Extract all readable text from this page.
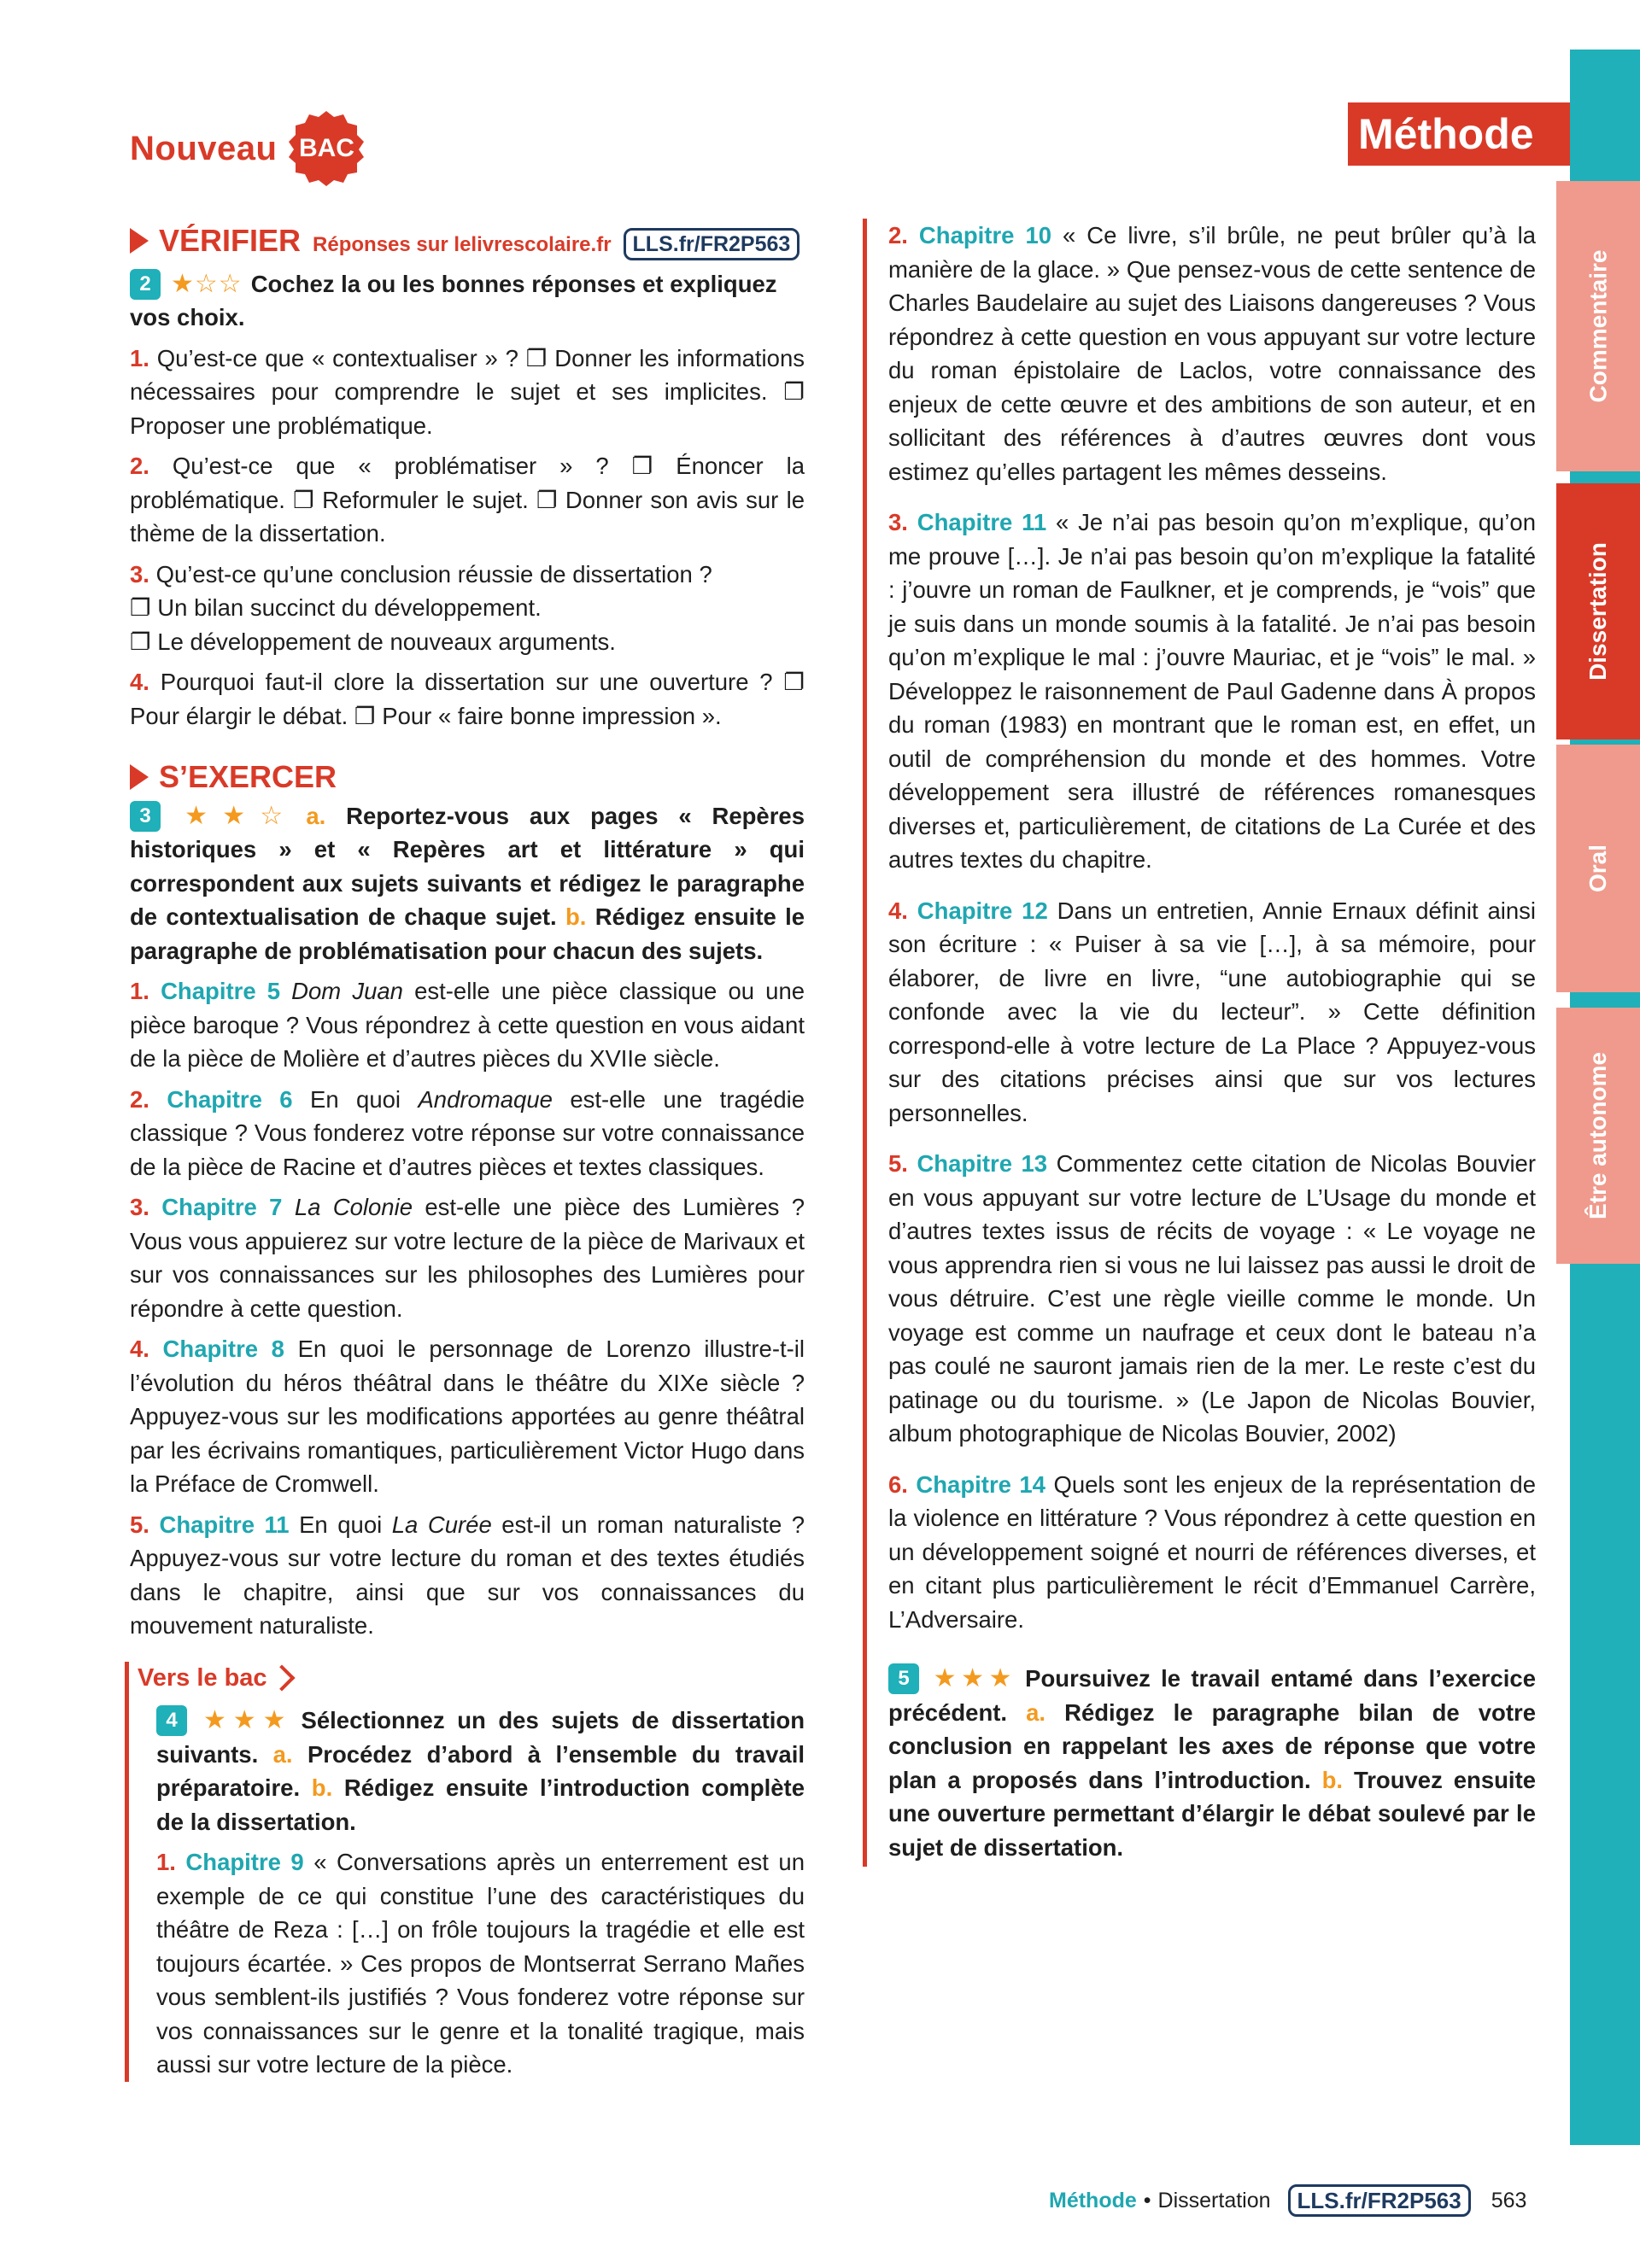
Nouveau BAC	Méthode
Commentaire
Dissertation
Oral
Être autonome
VÉRIFIER Réponses sur lelivrescolaire.fr	LLS.fr/FR2P563

2 ★☆☆ Cochez la ou les bonnes réponses et expliquez vos choix.

1. Qu’est-ce que « contextualiser » ? ❐ Donner les informations nécessaires pour comprendre le sujet et ses implicites. ❐ Proposer une problématique.

2. Qu’est-ce que « problématiser » ? ❐ Énoncer la problématique. ❐ Reformuler le sujet. ❐ Donner son avis sur le thème de la dissertation.

3. Qu’est-ce qu’une conclusion réussie de dissertation ?
❐ Un bilan succinct du développement.
❐ Le développement de nouveaux arguments.

4. Pourquoi faut-il clore la dissertation sur une ouverture ? ❐ Pour élargir le débat. ❐ Pour « faire bonne impression ».

S’EXERCER

3 ★★☆ a. Reportez-vous aux pages « Repères historiques » et « Repères art et littérature » qui correspondent aux sujets suivants et rédigez le paragraphe de contextualisation de chaque sujet. b. Rédigez ensuite le paragraphe de problématisation pour chacun des sujets.

1. Chapitre 5 Dom Juan est-elle une pièce classique ou une pièce baroque ? Vous répondrez à cette question en vous aidant de la pièce de Molière et d’autres pièces du XVIIe siècle.

2. Chapitre 6 En quoi Andromaque est-elle une tragédie classique ? Vous fonderez votre réponse sur votre connaissance de la pièce de Racine et d’autres pièces et textes classiques.

3. Chapitre 7 La Colonie est-elle une pièce des Lumières ? Vous vous appuierez sur votre lecture de la pièce de Marivaux et sur vos connaissances sur les philosophes des Lumières pour répondre à cette question.

4. Chapitre 8 En quoi le personnage de Lorenzo illustre-t-il l’évolution du héros théâtral dans le théâtre du XIXe siècle ? Appuyez-vous sur les modifications apportées au genre théâtral par les écrivains romantiques, particulièrement Victor Hugo dans la Préface de Cromwell.

5. Chapitre 11 En quoi La Curée est-il un roman naturaliste ? Appuyez-vous sur votre lecture du roman et des textes étudiés dans le chapitre, ainsi que sur vos connaissances du mouvement naturaliste.

Vers le bac

4 ★★★ Sélectionnez un des sujets de dissertation suivants. a. Procédez d’abord à l’ensemble du travail préparatoire. b. Rédigez ensuite l’introduction complète de la dissertation.

1. Chapitre 9 « Conversations après un enterrement est un exemple de ce qui constitue l’une des caractéristiques du théâtre de Reza : […] on frôle toujours la tragédie et elle est toujours écartée. » Ces propos de Montserrat Serrano Mañes vous semblent-ils justifiés ? Vous fonderez votre réponse sur vos connaissances sur le genre et la tonalité tragique, mais aussi sur votre lecture de la pièce.

2. Chapitre 10 « Ce livre, s’il brûle, ne peut brûler qu’à la manière de la glace. » Que pensez-vous de cette sentence de Charles Baudelaire au sujet des Liaisons dangereuses ? Vous répondrez à cette question en vous appuyant sur votre lecture du roman épistolaire de Laclos, votre connaissance des enjeux de cette œuvre et des ambitions de son auteur, et en sollicitant des références à d’autres œuvres dont vous estimez qu’elles partagent les mêmes desseins.

3. Chapitre 11 « Je n’ai pas besoin qu’on m’explique, qu’on me prouve […]. Je n’ai pas besoin qu’on m’explique la fatalité : j’ouvre un roman de Faulkner, et je comprends, je “vois” que je suis dans un monde soumis à la fatalité. Je n’ai pas besoin qu’on m’explique le mal : j’ouvre Mauriac, et je “vois” le mal. » Développez le raisonnement de Paul Gadenne dans À propos du roman (1983) en montrant que le roman est, en effet, un outil de compréhension du monde et des hommes. Votre développement sera illustré de références romanesques diverses et, particulièrement, de citations de La Curée et des autres textes du chapitre.

4. Chapitre 12 Dans un entretien, Annie Ernaux définit ainsi son écriture : « Puiser à sa vie […], à sa mémoire, pour élaborer, de livre en livre, “une autobiographie qui se confonde avec la vie du lecteur”. » Cette définition correspond-elle à votre lecture de La Place ? Appuyez-vous sur des citations précises ainsi que sur vos lectures personnelles.

5. Chapitre 13 Commentez cette citation de Nicolas Bouvier en vous appuyant sur votre lecture de L’Usage du monde et d’autres textes issus de récits de voyage : « Le voyage ne vous apprendra rien si vous ne lui laissez pas aussi le droit de vous détruire. C’est une règle vieille comme le monde. Un voyage est comme un naufrage et ceux dont le bateau n’a pas coulé ne sauront jamais rien de la mer. Le reste c’est du patinage ou du tourisme. » (Le Japon de Nicolas Bouvier, album photographique de Nicolas Bouvier, 2002)

6. Chapitre 14 Quels sont les enjeux de la représentation de la violence en littérature ? Vous répondrez à cette question en un développement soigné et nourri de références diverses, et en citant plus particulièrement le récit d’Emmanuel Carrère, L’Adversaire.

5 ★★★ Poursuivez le travail entamé dans l’exercice précédent. a. Rédigez le paragraphe bilan de votre conclusion en rappelant les axes de réponse que votre plan a proposés dans l’introduction. b. Trouvez ensuite une ouverture permettant d’élargir le débat soulevé par le sujet de dissertation.

Méthode • Dissertation	LLS.fr/FR2P563	563
